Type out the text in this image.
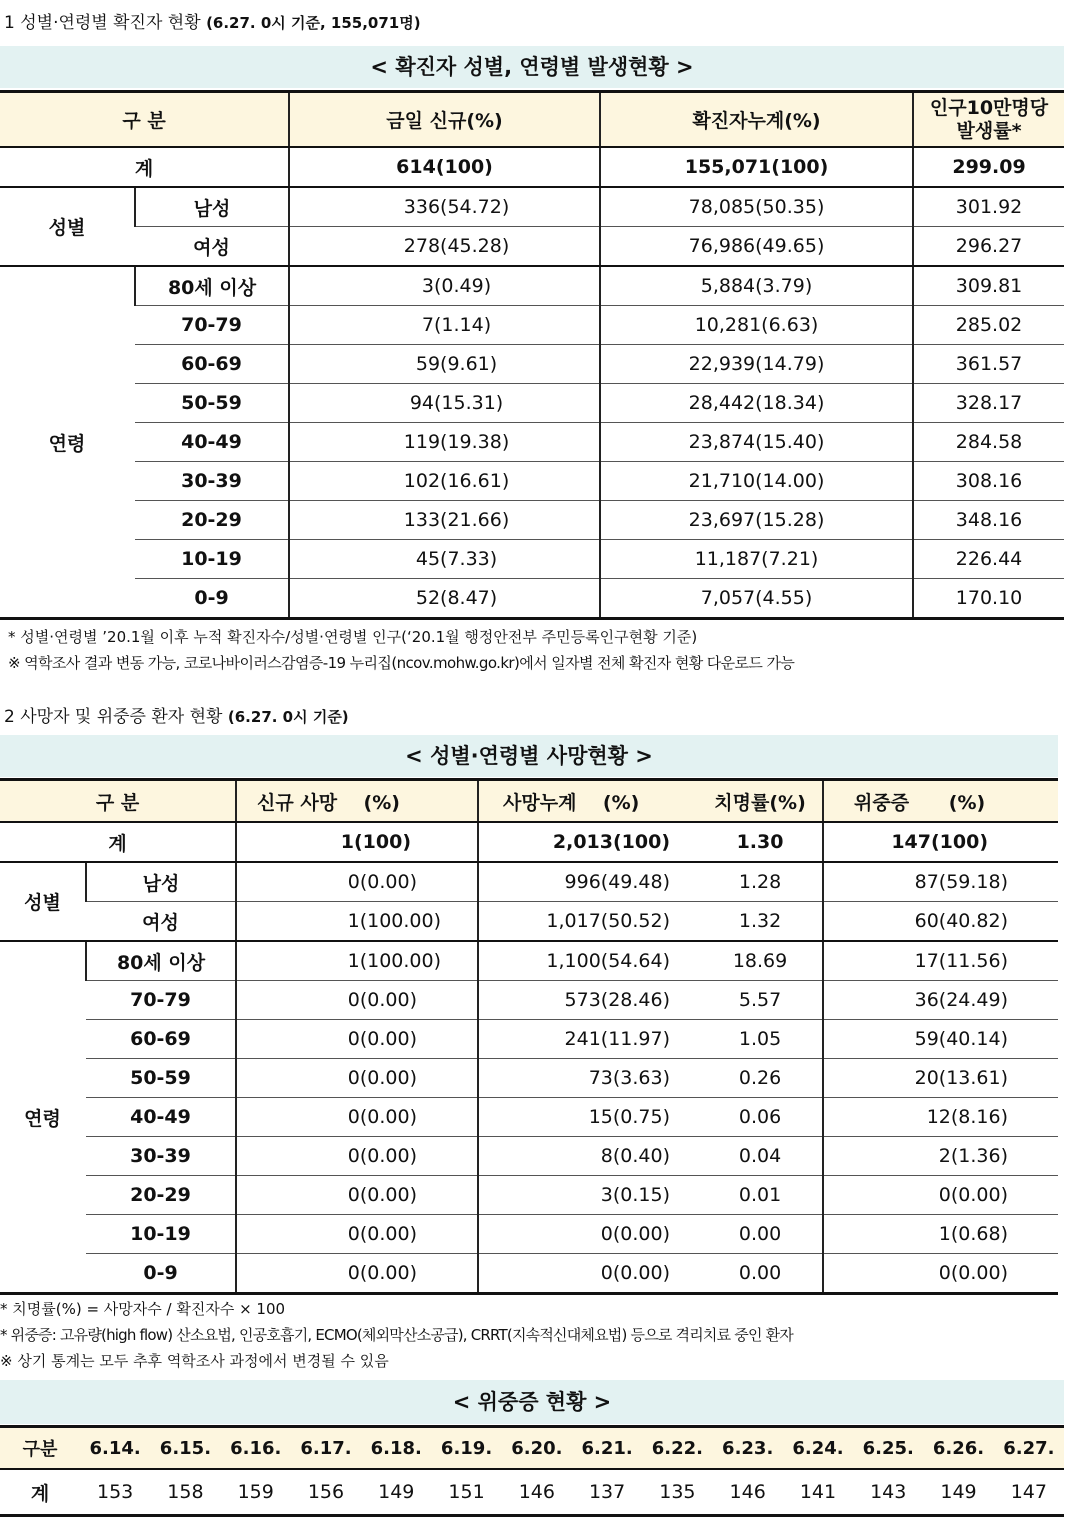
1 성별·연령별 확진자 현황 (6.27. 0시 기준, 155,071명)
< 확진자 성별, 연령별 발생현황 >
구 분		금일 신규(%)	확진자누계(%)	인구10만명당
발생률*
계		614(100)	155,071(100)	299.09
성별	남성	336(54.72)	78,085(50.35)	301.92
	여성	278(45.28)	76,986(49.65)	296.27
연령	80세 이상	3(0.49)	5,884(3.79)	309.81
	70-79	7(1.14)	10,281(6.63)	285.02
	60-69	59(9.61)	22,939(14.79)	361.57
	50-59	94(15.31)	28,442(18.34)	328.17
	40-49	119(19.38)	23,874(15.40)	284.58
	30-39	102(16.61)	21,710(14.00)	308.16
	20-29	133(21.66)	23,697(15.28)	348.16
	10-19	45(7.33)	11,187(7.21)	226.44
	0-9	52(8.47)	7,057(4.55)	170.10
* 성별·연령별 ’20.1월 이후 누적 확진자수/성별·연령별 인구(‘20.1월 행정안전부 주민등록인구현황 기준)
※ 역학조사 결과 변동 가능, 코로나바이러스감염증-19 누리집(ncov.mohw.go.kr)에서 일자별 전체 확진자 현황 다운로드 가능
2 사망자 및 위중증 환자 현황 (6.27. 0시 기준)
< 성별·연령별 사망현황 >
구 분		신규 사망    (%)	사망누계    (%)	치명률(%)	위중증      (%)
계		1(100)	2,013(100)	1.30	147(100)
성별	남성	0(0.00)	996(49.48)	1.28	87(59.18)
	여성	1(100.00)	1,017(50.52)	1.32	60(40.82)
연령	80세 이상	1(100.00)	1,100(54.64)	18.69	17(11.56)
	70-79	0(0.00)	573(28.46)	5.57	36(24.49)
	60-69	0(0.00)	241(11.97)	1.05	59(40.14)
	50-59	0(0.00)	73(3.63)	0.26	20(13.61)
	40-49	0(0.00)	15(0.75)	0.06	12(8.16)
	30-39	0(0.00)	8(0.40)	0.04	2(1.36)
	20-29	0(0.00)	3(0.15)	0.01	0(0.00)
	10-19	0(0.00)	0(0.00)	0.00	1(0.68)
	0-9	0(0.00)	0(0.00)	0.00	0(0.00)
* 치명률(%) = 사망자수 / 확진자수 × 100
* 위중증: 고유량(high flow) 산소요법, 인공호흡기, ECMO(체외막산소공급), CRRT(지속적신대체요법) 등으로 격리치료 중인 환자
※ 상기 통계는 모두 추후 역학조사 과정에서 변경될 수 있음
< 위중증 현황 >
구분	6.14.	6.15.	6.16.	6.17.	6.18.	6.19.	6.20.	6.21.	6.22.	6.23.	6.24.	6.25.	6.26.	6.27.
계	153	158	159	156	149	151	146	137	135	146	141	143	149	147
